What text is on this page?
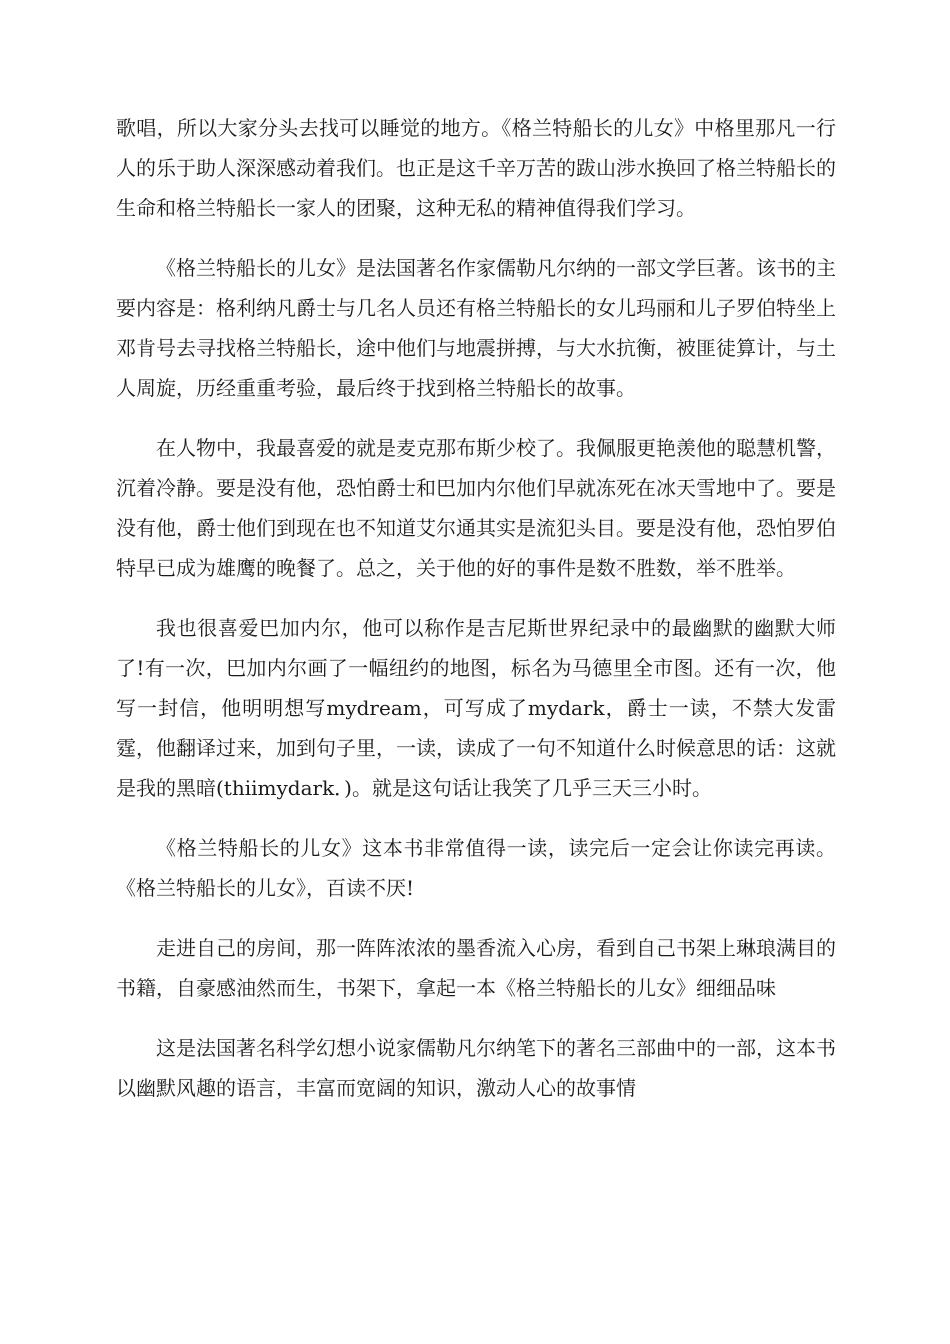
歌唱，所以大家分头去找可以睡觉的地方。《格兰特船长的儿女》中格里那凡一行人的乐于助人深深感动着我们。也正是这千辛万苦的跋山涉水换回了格兰特船长的生命和格兰特船长一家人的团聚，这种无私的精神值得我们学习。

《格兰特船长的儿女》是法国著名作家儒勒凡尔纳的一部文学巨著。该书的主要内容是：格利纳凡爵士与几名人员还有格兰特船长的女儿玛丽和儿子罗伯特坐上邓肯号去寻找格兰特船长，途中他们与地震拼搏，与大水抗衡，被匪徒算计，与土人周旋，历经重重考验，最后终于找到格兰特船长的故事。

在人物中，我最喜爱的就是麦克那布斯少校了。我佩服更艳羡他的聪慧机警，沉着冷静。要是没有他，恐怕爵士和巴加内尔他们早就冻死在冰天雪地中了。要是没有他，爵士他们到现在也不知道艾尔通其实是流犯头目。要是没有他，恐怕罗伯特早已成为雄鹰的晚餐了。总之，关于他的好的事件是数不胜数，举不胜举。

我也很喜爱巴加内尔，他可以称作是吉尼斯世界纪录中的最幽默的幽默大师了!有一次，巴加内尔画了一幅纽约的地图，标名为马德里全市图。还有一次，他写一封信，他明明想写mydream，可写成了mydark，爵士一读，不禁大发雷霆，他翻译过来，加到句子里，一读，读成了一句不知道什么时候意思的话：这就是我的黑暗(thiimydark．)。就是这句话让我笑了几乎三天三小时。

《格兰特船长的儿女》这本书非常值得一读，读完后一定会让你读完再读。《格兰特船长的儿女》，百读不厌!

走进自己的房间，那一阵阵浓浓的墨香流入心房，看到自己书架上琳琅满目的书籍，自豪感油然而生，书架下，拿起一本《格兰特船长的儿女》细细品味

这是法国著名科学幻想小说家儒勒凡尔纳笔下的著名三部曲中的一部，这本书以幽默风趣的语言，丰富而宽阔的知识，激动人心的故事情
